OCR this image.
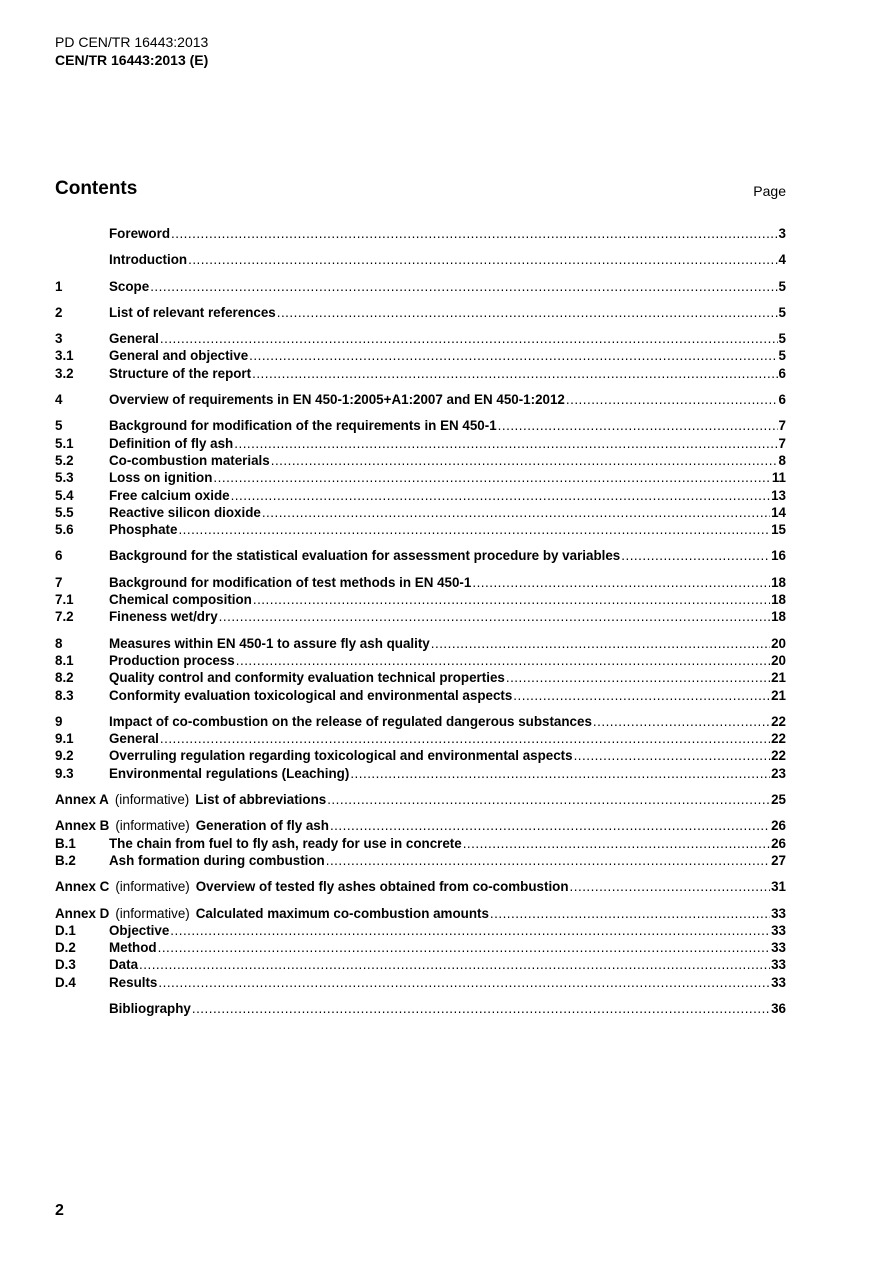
PD CEN/TR 16443:2013
CEN/TR 16443:2013 (E)
Contents	Page
Foreword .....	3
Introduction .....	4
1	Scope .....	5
2	List of relevant references .....	5
3	General .....	5
3.1	General and objective .....	5
3.2	Structure of the report .....	6
4	Overview of requirements in EN 450-1:2005+A1:2007 and EN 450-1:2012 .....	6
5	Background for modification of the requirements in EN 450-1 .....	7
5.1	Definition of fly ash .....	7
5.2	Co-combustion materials .....	8
5.3	Loss on ignition .....	11
5.4	Free calcium oxide .....	13
5.5	Reactive silicon dioxide .....	14
5.6	Phosphate .....	15
6	Background for the statistical evaluation for assessment procedure by variables .....	16
7	Background for modification of test methods in EN 450-1 .....	18
7.1	Chemical composition .....	18
7.2	Fineness wet/dry .....	18
8	Measures within EN 450-1 to assure fly ash quality .....	20
8.1	Production process .....	20
8.2	Quality control and conformity evaluation technical properties .....	21
8.3	Conformity evaluation toxicological and environmental aspects .....	21
9	Impact of co-combustion on the release of regulated dangerous substances .....	22
9.1	General .....	22
9.2	Overruling regulation regarding toxicological and environmental aspects .....	22
9.3	Environmental regulations (Leaching) .....	23
Annex A (informative) List of abbreviations .....	25
Annex B (informative) Generation of fly ash .....	26
B.1	The chain from fuel to fly ash, ready for use in concrete .....	26
B.2	Ash formation during combustion .....	27
Annex C (informative) Overview of tested fly ashes obtained from co-combustion .....	31
Annex D (informative) Calculated maximum co-combustion amounts .....	33
D.1	Objective .....	33
D.2	Method .....	33
D.3	Data .....	33
D.4	Results .....	33
Bibliography .....	36
2
